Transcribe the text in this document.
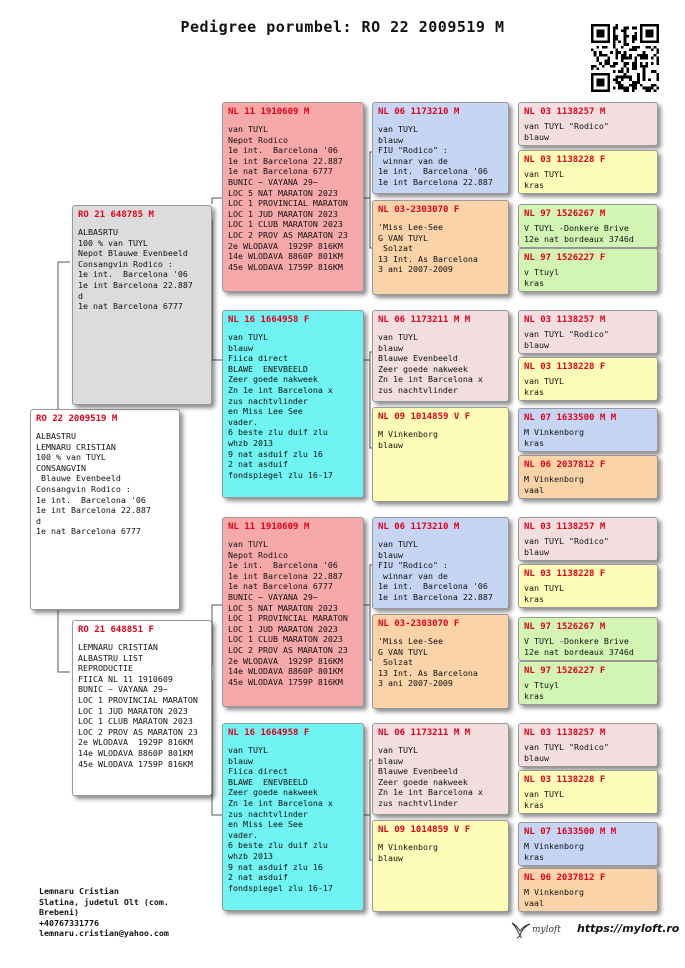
Pedigree porumbel: RO 22 2009519 M
RO 22 2009519 M
ALBASTRU
LEMNARU CRISTIAN
100 % van TUYL
CONSANGVIN
Blauwe Evenbeeld
Consangvin Rodico :
1e int.  Barcelona '06
1e int Barcelona 22.887
d
1e nat Barcelona 6777
RO 21 648785 M
ALBASRTU
100 % van TUYL
Nepot Blauwe Evenbeeld
Consangvin Rodico :
1e int.  Barcelona '06
1e int Barcelona 22.887
d
1e nat Barcelona 6777
RO 21 648851 F
LEMNARU CRISTIAN
ALBASTRU LIST
REPRODUCTIE
FIICA NL 11 1910609
BUNIC ~ VAYANA 29~
LOC 1 PROVINCIAL MARATON
LOC 1 JUD MARATON 2023
LOC 1 CLUB MARATON 2023
LOC 2 PROV AS MARATON 23
2e WLODAVA  1929P 816KM
14e WLODAVA 8860P 801KM
45e WLODAVA 1759P 816KM
NL 11 1910609 M
van TUYL
Nepot Rodico
1e int.  Barcelona '06
1e int Barcelona 22.887
1e nat Barcelona 6777
BUNIC ~ VAYANA 29~
LOC 5 NAT MARATON 2023
LOC 1 PROVINCIAL MARATON
LOC 1 JUD MARATON 2023
LOC 1 CLUB MARATON 2023
LOC 2 PROV AS MARATON 23
2e WLODAVA  1929P 816KM
14e WLODAVA 8860P 801KM
45e WLODAVA 1759P 816KM
NL 16 1664958 F
van TUYL
blauw
Fiica direct
BLAWE  ENEVBEELD
Zeer goede nakweek
Zn 1e int Barcelona x
zus nachtvlinder
en Miss Lee See
vader.
6 beste zlu duif zlu
whzb 2013
9 nat asduif zlu 16
2 nat asduif
fondspiegel zlu 16-17
NL 11 1910609 M
van TUYL
Nepot Rodico
1e int.  Barcelona '06
1e int Barcelona 22.887
1e nat Barcelona 6777
BUNIC ~ VAYANA 29~
LOC 5 NAT MARATON 2023
LOC 1 PROVINCIAL MARATON
LOC 1 JUD MARATON 2023
LOC 1 CLUB MARATON 2023
LOC 2 PROV AS MARATON 23
2e WLODAVA  1929P 816KM
14e WLODAVA 8860P 801KM
45e WLODAVA 1759P 816KM
NL 16 1664958 F
van TUYL
blauw
Fiica direct
BLAWE  ENEVBEELD
Zeer goede nakweek
Zn 1e int Barcelona x
zus nachtvlinder
en Miss Lee See
vader.
6 beste zlu duif zlu
whzb 2013
9 nat asduif zlu 16
2 nat asduif
fondspiegel zlu 16-17
NL 06 1173210 M
van TUYL
blauw
FIU "Rodico" :
winnar van de
1e int.  Barcelona '06
1e int Barcelona 22.887
NL 03-2303070 F
'Miss Lee-See
G VAN TUYL
Solzat
13 Int. As Barcelona
3 ani 2007-2009
NL 06 1173211 M M
van TUYL
blauw
Blauwe Evenbeeld
Zeer goede nakweek
Zn 1e int Barcelona x
zus nachtvlinder
NL 09 1014859 V F
M Vinkenborg
blauw
NL 06 1173210 M
van TUYL
blauw
FIU "Rodico" :
winnar van de
1e int.  Barcelona '06
1e int Barcelona 22.887
NL 03-2303070 F
'Miss Lee-See
G VAN TUYL
Solzat
13 Int. As Barcelona
3 ani 2007-2009
NL 06 1173211 M M
van TUYL
blauw
Blauwe Evenbeeld
Zeer goede nakweek
Zn 1e int Barcelona x
zus nachtvlinder
NL 09 1014859 V F
M Vinkenborg
blauw
NL 03 1138257 M
van TUYL "Rodico"
blauw
NL 03 1138228 F
van TUYL
kras
NL 97 1526267 M
V TUYL -Donkere Brive
12e nat bordeaux 3746d
NL 97 1526227 F
v Ttuyl
kras
NL 03 1138257 M
van TUYL "Rodico"
blauw
NL 03 1138228 F
van TUYL
kras
NL 07 1633500 M M
M Vinkenborg
kras
NL 06 2037812 F
M Vinkenborg
vaal
NL 03 1138257 M
van TUYL "Rodico"
blauw
NL 03 1138228 F
van TUYL
kras
NL 97 1526267 M
V TUYL -Donkere Brive
12e nat bordeaux 3746d
NL 97 1526227 F
v Ttuyl
kras
NL 03 1138257 M
van TUYL "Rodico"
blauw
NL 03 1138228 F
van TUYL
kras
NL 07 1633500 M M
M Vinkenborg
kras
NL 06 2037812 F
M Vinkenborg
vaal
Lemnaru Cristian
Slatina, judetul Olt (com.
Brebeni)
+40767331776
lemnaru.cristian@yahoo.com	myloft https://myloft.ro
